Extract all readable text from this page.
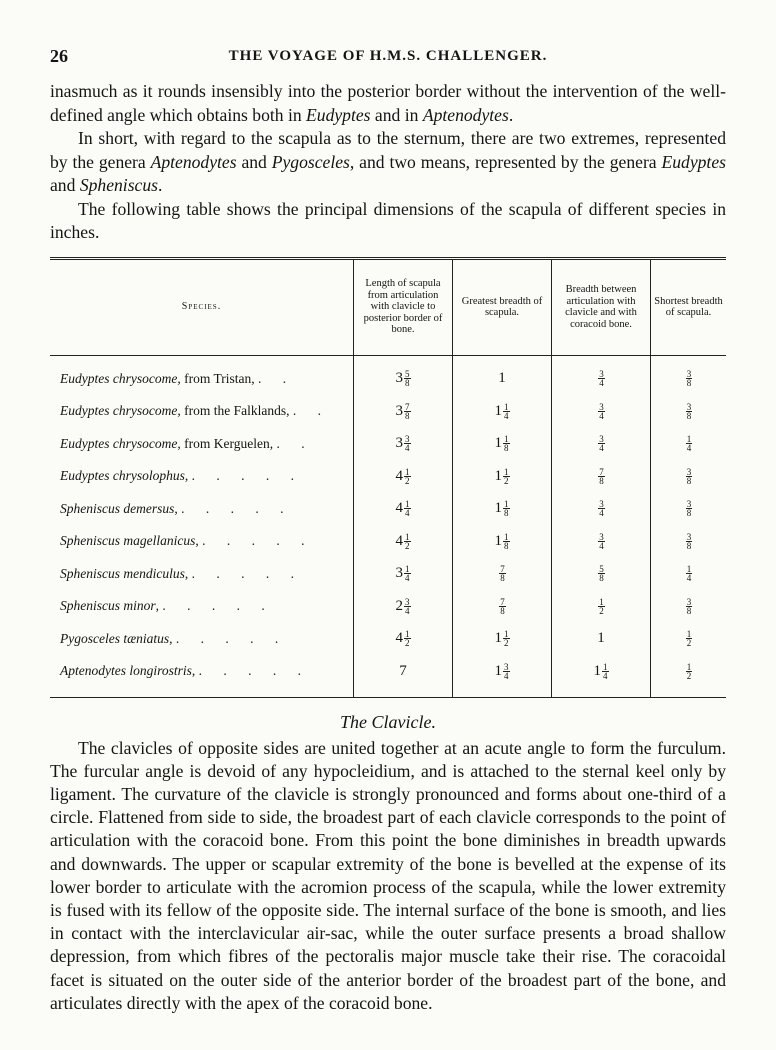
26	THE VOYAGE OF H.M.S. CHALLENGER.

inasmuch as it rounds insensibly into the posterior border without the intervention of the well-defined angle which obtains both in Eudyptes and in Aptenodytes.

In short, with regard to the scapula as to the sternum, there are two extremes, represented by the genera Aptenodytes and Pygosceles, and two means, represented by the genera Eudyptes and Spheniscus.

The following table shows the principal dimensions of the scapula of different species in inches.

Species.	Length of scapula from articulation with clavicle to posterior border of bone.	Greatest breadth of scapula.	Breadth between articulation with clavicle and with coracoid bone.	Shortest breadth of scapula.
Eudyptes chrysocome, from Tristan, . .	$3 \frac{5}{8}$	1	$\frac{3}{4}$	$\frac{3}{8}$

Eudyptes chrysocome, from the Falklands, . .	$3 \frac{7}{8}$	$1 \frac{1}{4}$	$\frac{3}{4}$	$\frac{3}{8}$

Eudyptes chrysocome, from Kerguelen, . .	$3 \frac{3}{4}$	$1 \frac{1}{8}$	$\frac{3}{4}$	$\frac{1}{4}$

Eudyptes chrysolophus, . . . . .	$4 \frac{1}{2}$	$1 \frac{1}{2}$	$\frac{7}{8}$	$\frac{3}{8}$

Spheniscus demersus, . . . . .	$4 \frac{1}{4}$	$1 \frac{1}{8}$	$\frac{3}{4}$	$\frac{3}{8}$

Spheniscus magellanicus, . . . . .	$4 \frac{1}{2}$	$1 \frac{1}{8}$	$\frac{3}{4}$	$\frac{3}{8}$

Spheniscus mendiculus, . . . . .	$3 \frac{1}{4}$	$\frac{7}{8}$	$\frac{5}{8}$	$\frac{1}{4}$

Spheniscus minor, . . . . .	$2 \frac{3}{4}$	$\frac{7}{8}$	$\frac{1}{2}$	$\frac{3}{8}$

Pygosceles tæniatus, . . . . .	$4 \frac{1}{2}$	$1 \frac{1}{2}$	1	$\frac{1}{2}$

Aptenodytes longirostris, . . . . .	7	$1 \frac{3}{4}$	$1 \frac{1}{4}$	$\frac{1}{2}$
The Clavicle.

The clavicles of opposite sides are united together at an acute angle to form the furculum. The furcular angle is devoid of any hypocleidium, and is attached to the sternal keel only by ligament. The curvature of the clavicle is strongly pronounced and forms about one-third of a circle. Flattened from side to side, the broadest part of each clavicle corresponds to the point of articulation with the coracoid bone. From this point the bone diminishes in breadth upwards and downwards. The upper or scapular extremity of the bone is bevelled at the expense of its lower border to articulate with the acromion process of the scapula, while the lower extremity is fused with its fellow of the opposite side. The internal surface of the bone is smooth, and lies in contact with the interclavicular air-sac, while the outer surface presents a broad shallow depression, from which fibres of the pectoralis major muscle take their rise. The coracoidal facet is situated on the outer side of the anterior border of the broadest part of the bone, and articulates directly with the apex of the coracoid bone.
